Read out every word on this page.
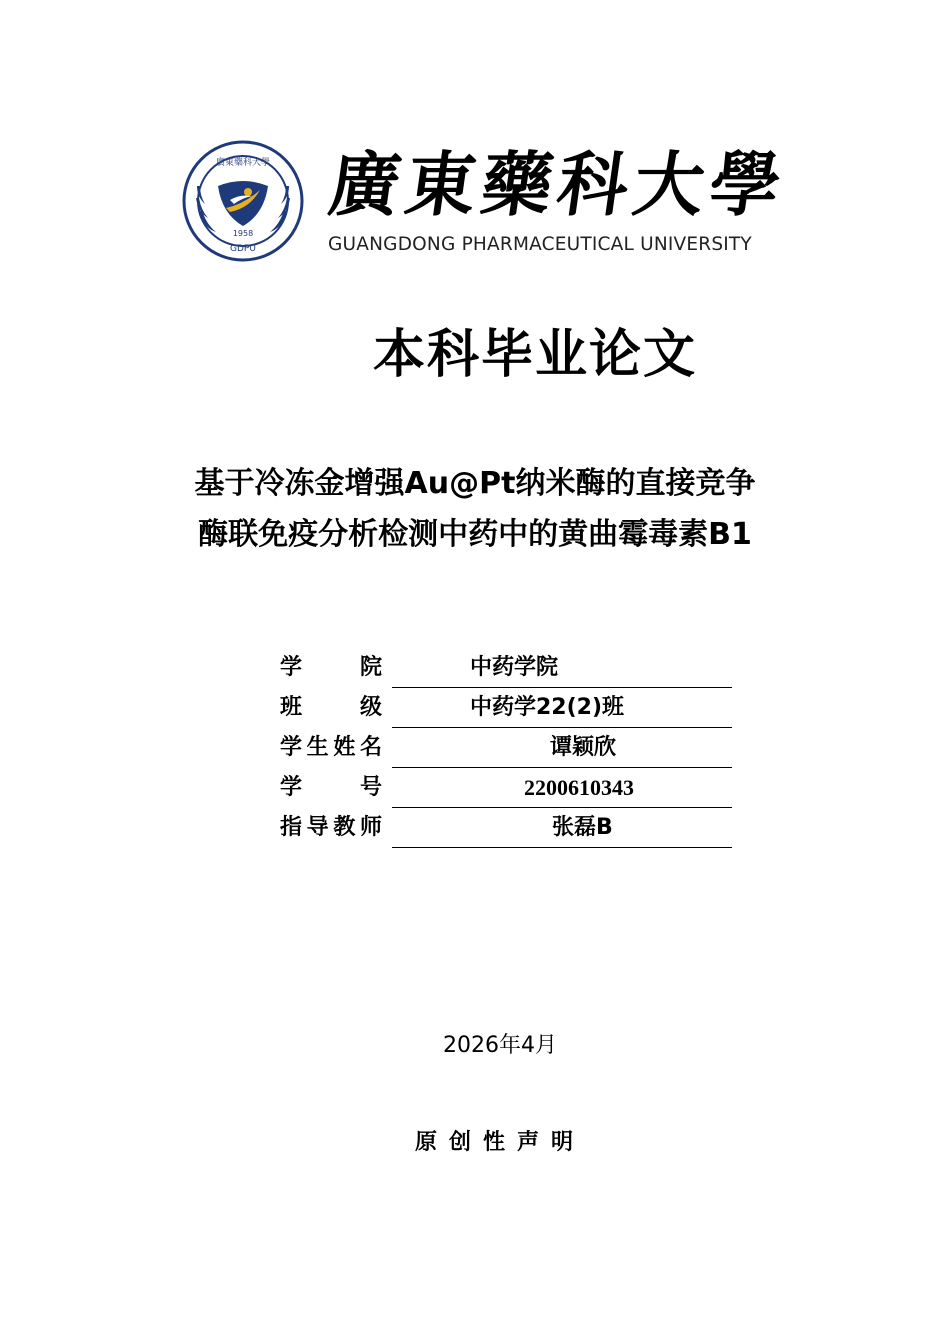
廣東藥科大學
1958
GDPU
廣東藥科大學
GUANGDONG PHARMACEUTICAL UNIVERSITY
本科毕业论文
基于冷冻金增强Au@Pt纳米酶的直接竞争
酶联免疫分析检测中药中的黄曲霉毒素B1
学 院	中药学院
班 级	中药学22(2)班
学生姓名	谭颖欣
学 号	2200610343
指导教师	张磊B
2026年4月
原创性声明
